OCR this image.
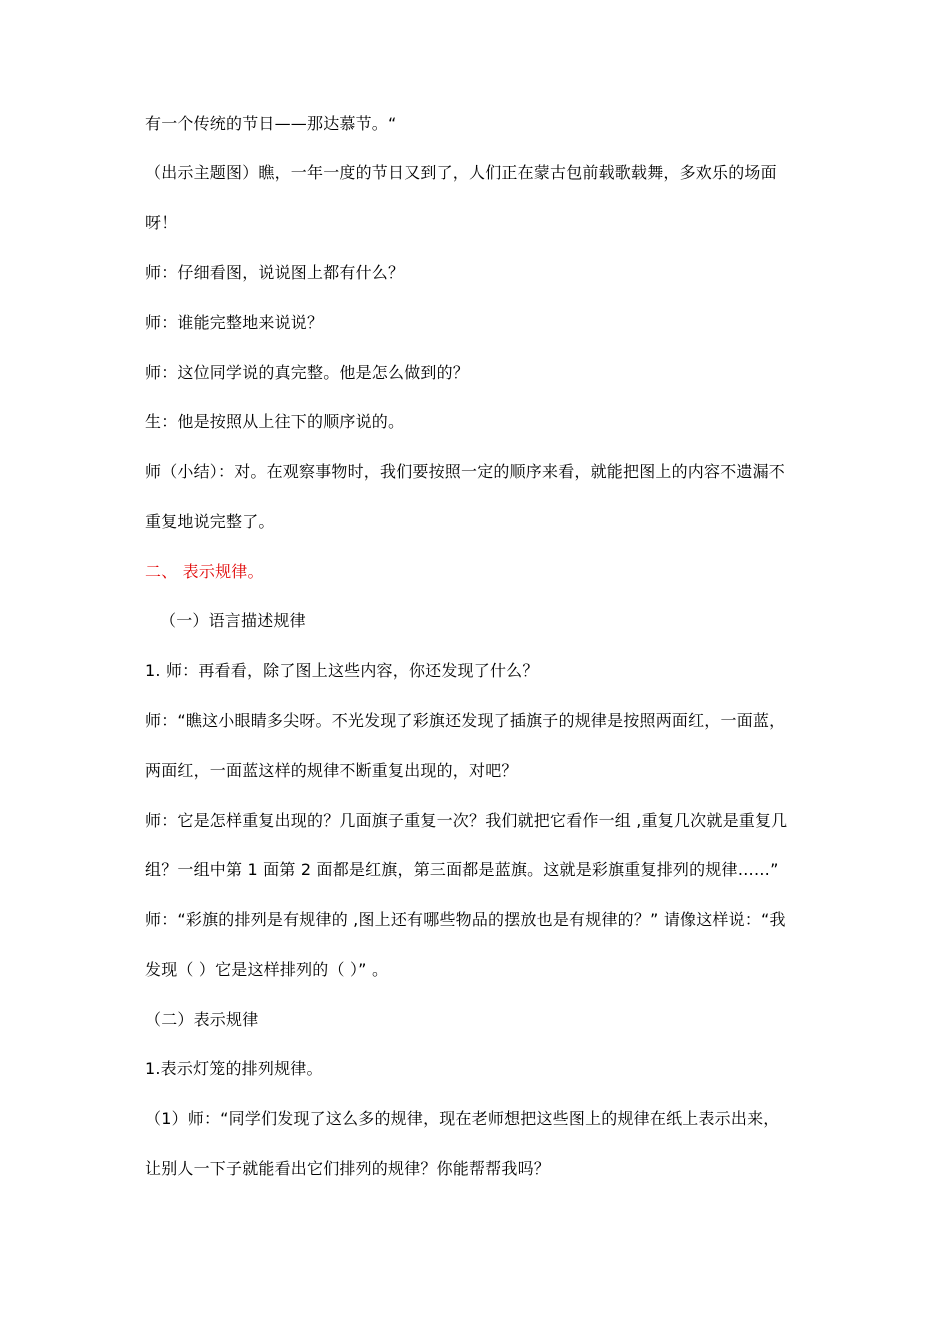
有一个传统的节日——那达慕节。“
（出示主题图）瞧，一年一度的节日又到了，人们正在蒙古包前载歌载舞，多欢乐的场面
呀！
师：仔细看图，说说图上都有什么？
师：谁能完整地来说说？
师：这位同学说的真完整。他是怎么做到的？
生：他是按照从上往下的顺序说的。
师（小结）：对。在观察事物时，我们要按照一定的顺序来看，就能把图上的内容不遗漏不
重复地说完整了。
二、 表示规律。
（一）语言描述规律
1. 师：再看看，除了图上这些内容，你还发现了什么？
师：“瞧这小眼睛多尖呀。不光发现了彩旗还发现了插旗子的规律是按照两面红，一面蓝，
两面红，一面蓝这样的规律不断重复出现的，对吧？
师：它是怎样重复出现的？几面旗子重复一次？我们就把它看作一组 ,重复几次就是重复几
组？一组中第 1 面第 2 面都是红旗，第三面都是蓝旗。这就是彩旗重复排列的规律……”
师：“彩旗的排列是有规律的 ,图上还有哪些物品的摆放也是有规律的？” 请像这样说：“我
发现（ ）它是这样排列的（ ）” 。
（二）表示规律
1.表示灯笼的排列规律。
（1）师：“同学们发现了这么多的规律，现在老师想把这些图上的规律在纸上表示出来，
让别人一下子就能看出它们排列的规律？你能帮帮我吗？
